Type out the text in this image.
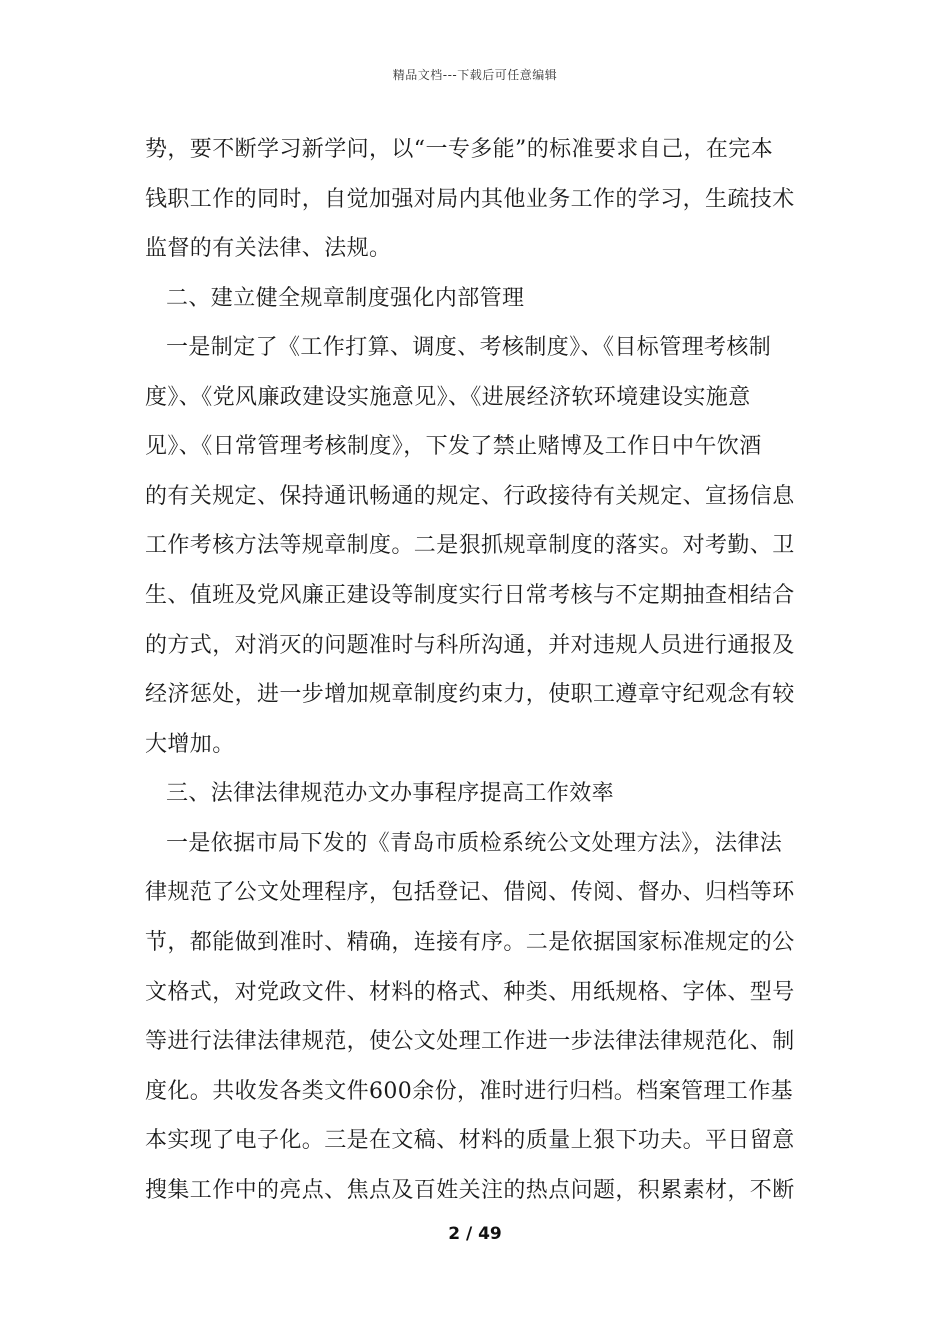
精品文档---下载后可任意编辑
势，要不断学习新学问，以“一专多能”的标准要求自己，在完本
钱职工作的同时，自觉加强对局内其他业务工作的学习，生疏技术
监督的有关法律、法规。
二、建立健全规章制度强化内部管理
一是制定了《工作打算、调度、考核制度》、《目标管理考核制
度》、《党风廉政建设实施意见》、《进展经济软环境建设实施意
见》、《日常管理考核制度》，下发了禁止赌博及工作日中午饮酒
的有关规定、保持通讯畅通的规定、行政接待有关规定、宣扬信息
工作考核方法等规章制度。二是狠抓规章制度的落实。对考勤、卫
生、值班及党风廉正建设等制度实行日常考核与不定期抽查相结合
的方式，对消灭的问题准时与科所沟通，并对违规人员进行通报及
经济惩处，进一步增加规章制度约束力，使职工遵章守纪观念有较
大增加。
三、法律法律规范办文办事程序提高工作效率
一是依据市局下发的《青岛市质检系统公文处理方法》，法律法
律规范了公文处理程序，包括登记、借阅、传阅、督办、归档等环
节，都能做到准时、精确，连接有序。二是依据国家标准规定的公
文格式，对党政文件、材料的格式、种类、用纸规格、字体、型号
等进行法律法律规范，使公文处理工作进一步法律法律规范化、制
度化。共收发各类文件600余份，准时进行归档。档案管理工作基
本实现了电子化。三是在文稿、材料的质量上狠下功夫。平日留意
搜集工作中的亮点、焦点及百姓关注的热点问题，积累素材，不断
2 / 49
